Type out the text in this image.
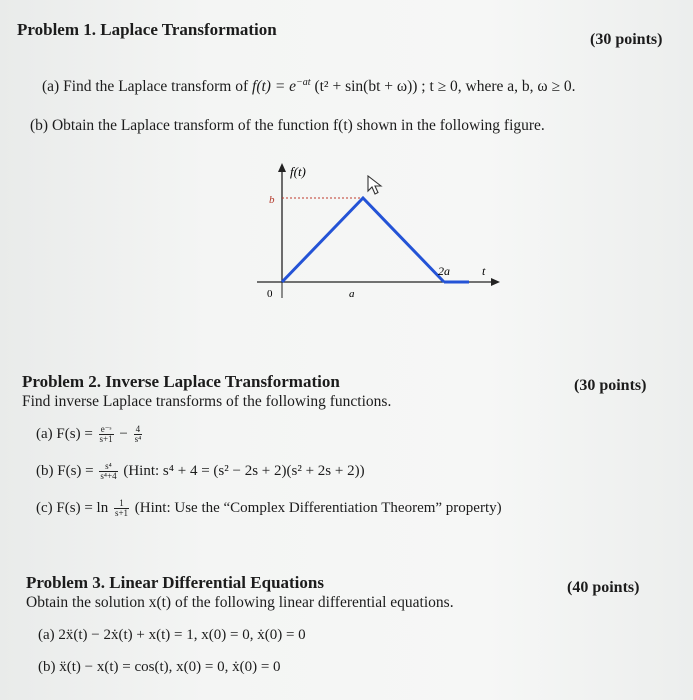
Problem 1. Laplace Transformation
(30 points)
(a) Find the Laplace transform of $f(t) = e^{-at}$ (t² + sin(bt + ω)) ; t ≥ 0, where a, b, ω ≥ 0.
(b) Obtain the Laplace transform of the function f(t) shown in the following figure.
f(t)
b
0	a
2a	t
Problem 2. Inverse Laplace Transformation	(30 points)
Find inverse Laplace transforms of the following functions.
(a) $F(s) = \frac{\text{e⁻ˢ}}{s+1} - \frac{4}{\text{s⁴}}$
(b) $F(s) = \frac{\text{s⁴}}{\text{s⁴+4}}$ (Hint: s⁴ + 4 = (s² − 2s + 2)(s² + 2s + 2))
(c) $F(s) = \ln \frac{1}{s+1}$ (Hint: Use the “Complex Differentiation Theorem” property)
Problem 3. Linear Differential Equations	(40 points)
Obtain the solution x(t) of the following linear differential equations.
(a) 2ẍ(t) − 2ẋ(t) + x(t) = 1, x(0) = 0, ẋ(0) = 0
(b) ẍ(t) − x(t) = cos(t), x(0) = 0, ẋ(0) = 0
